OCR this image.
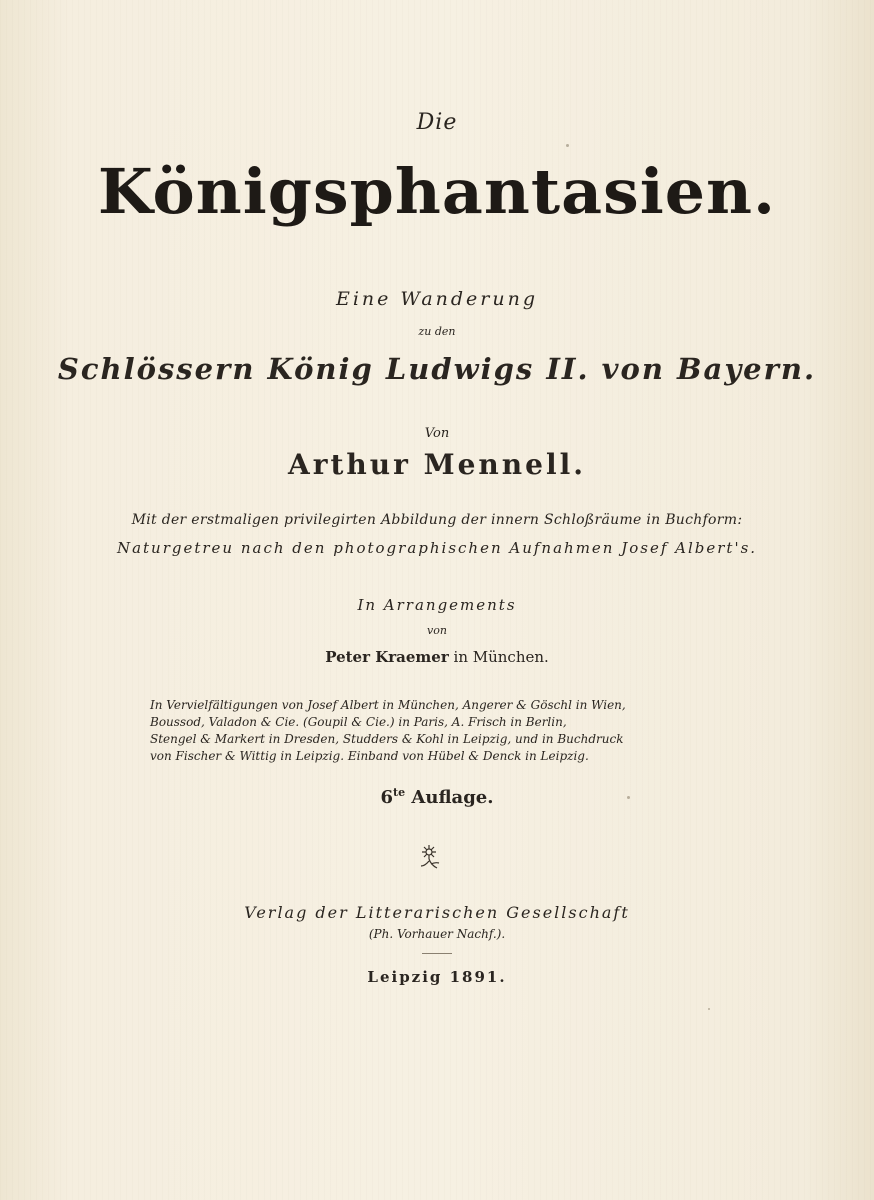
Die
Königsphantasien.
Eine Wanderung
zu den
Schlössern König Ludwigs II. von Bayern.
Von
Arthur Mennell.
Mit der erstmaligen privilegirten Abbildung der innern Schloßräume in Buchform:
Naturgetreu nach den photographischen Aufnahmen Josef Albert's.
In Arrangements
von
Peter Kraemer in München.
In Vervielfältigungen von Josef Albert in München, Angerer & Göschl in Wien,
Boussod, Valadon & Cie. (Goupil & Cie.) in Paris, A. Frisch in Berlin,
Stengel & Markert in Dresden, Studders & Kohl in Leipzig, und in Buchdruck
von Fischer & Wittig in Leipzig. Einband von Hübel & Denck in Leipzig.
$6^{te}$ Auflage.
Verlag der Litterarischen Gesellschaft
(Ph. Vorhauer Nachf.).
Leipzig 1891.
